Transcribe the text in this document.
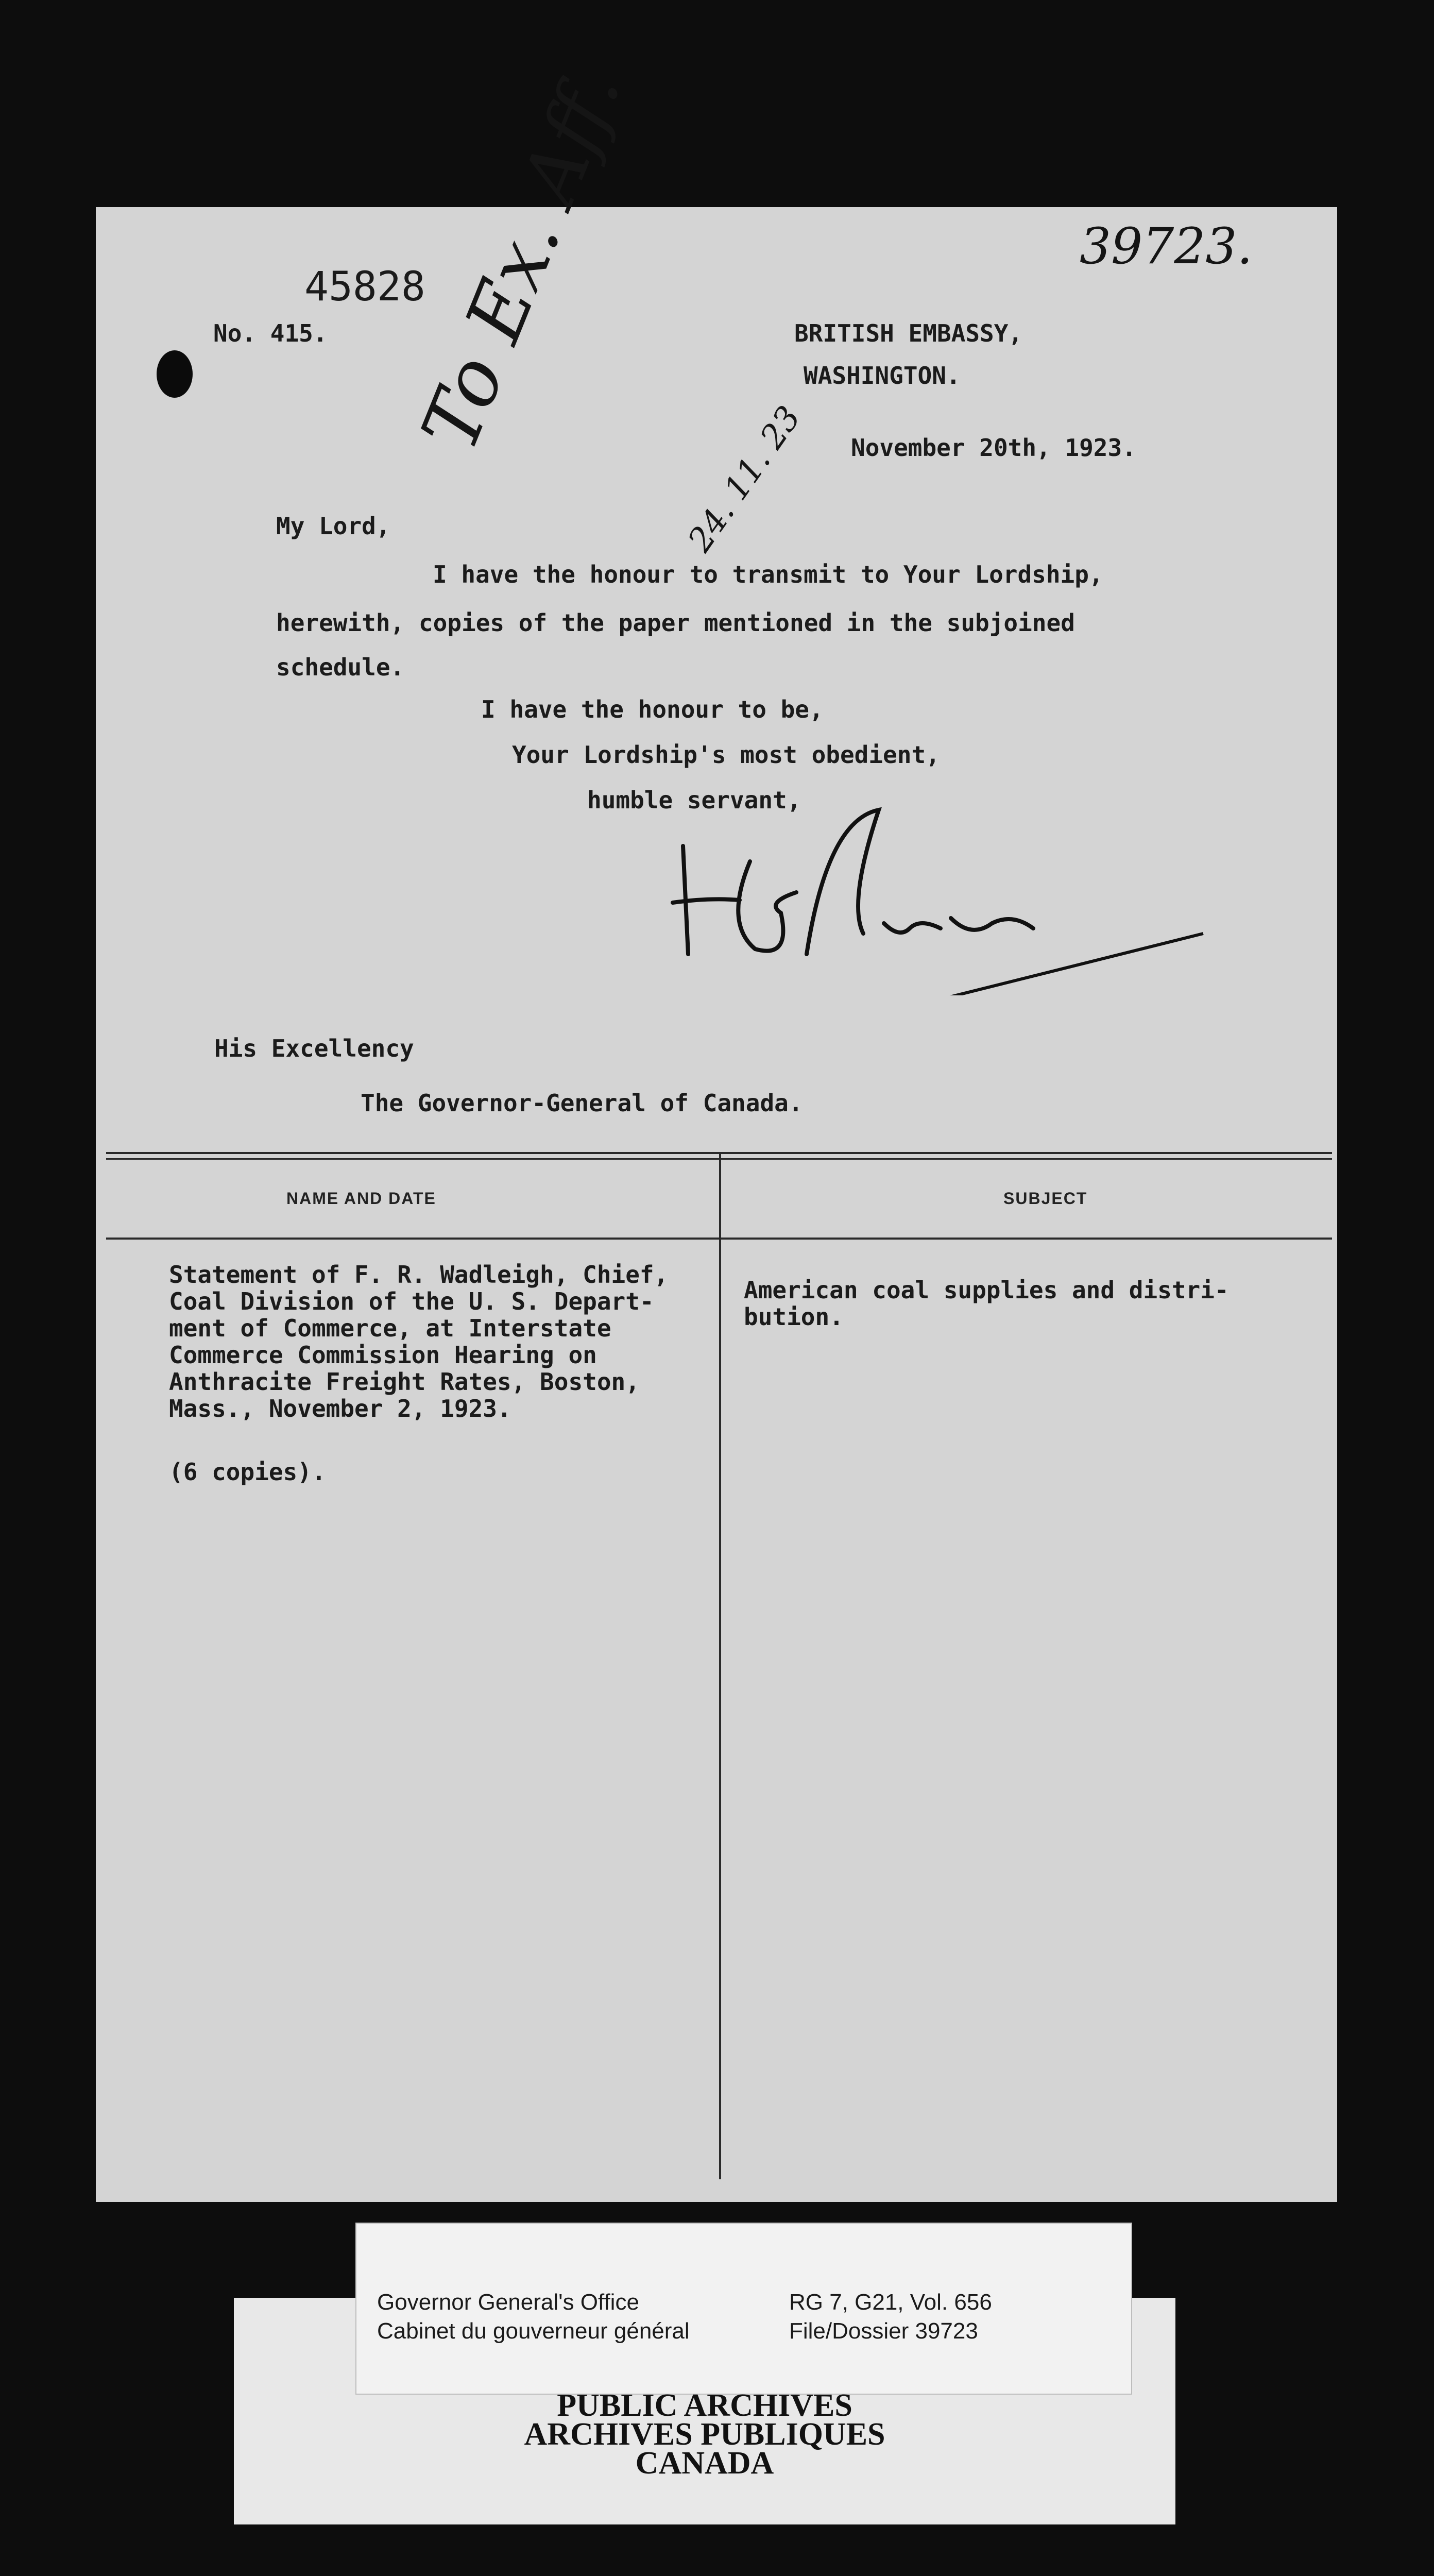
45828
39723.
No. 415.	BRITISH EMBASSY,
WASHINGTON.
November 20th, 1923.
My Lord,
I have the honour to transmit to Your Lordship,
herewith, copies of the paper mentioned in the subjoined
schedule.
I have the honour to be,
Your Lordship's most obedient,
humble servant,
To Ex. Aff.
24. 11. 23
His Excellency
The Governor-General of Canada.
NAME AND DATE	SUBJECT
Statement of F. R. Wadleigh, Chief,
Coal Division of the U. S. Depart-
ment of Commerce, at Interstate
Commerce Commission Hearing on
Anthracite Freight Rates, Boston,
Mass., November 2, 1923.
(6 copies).
American coal supplies and distri-
bution.
Governor General's Office
Cabinet du gouverneur général
RG 7, G21, Vol. 656
File/Dossier 39723
PUBLIC ARCHIVES
ARCHIVES PUBLIQUES
CANADA
